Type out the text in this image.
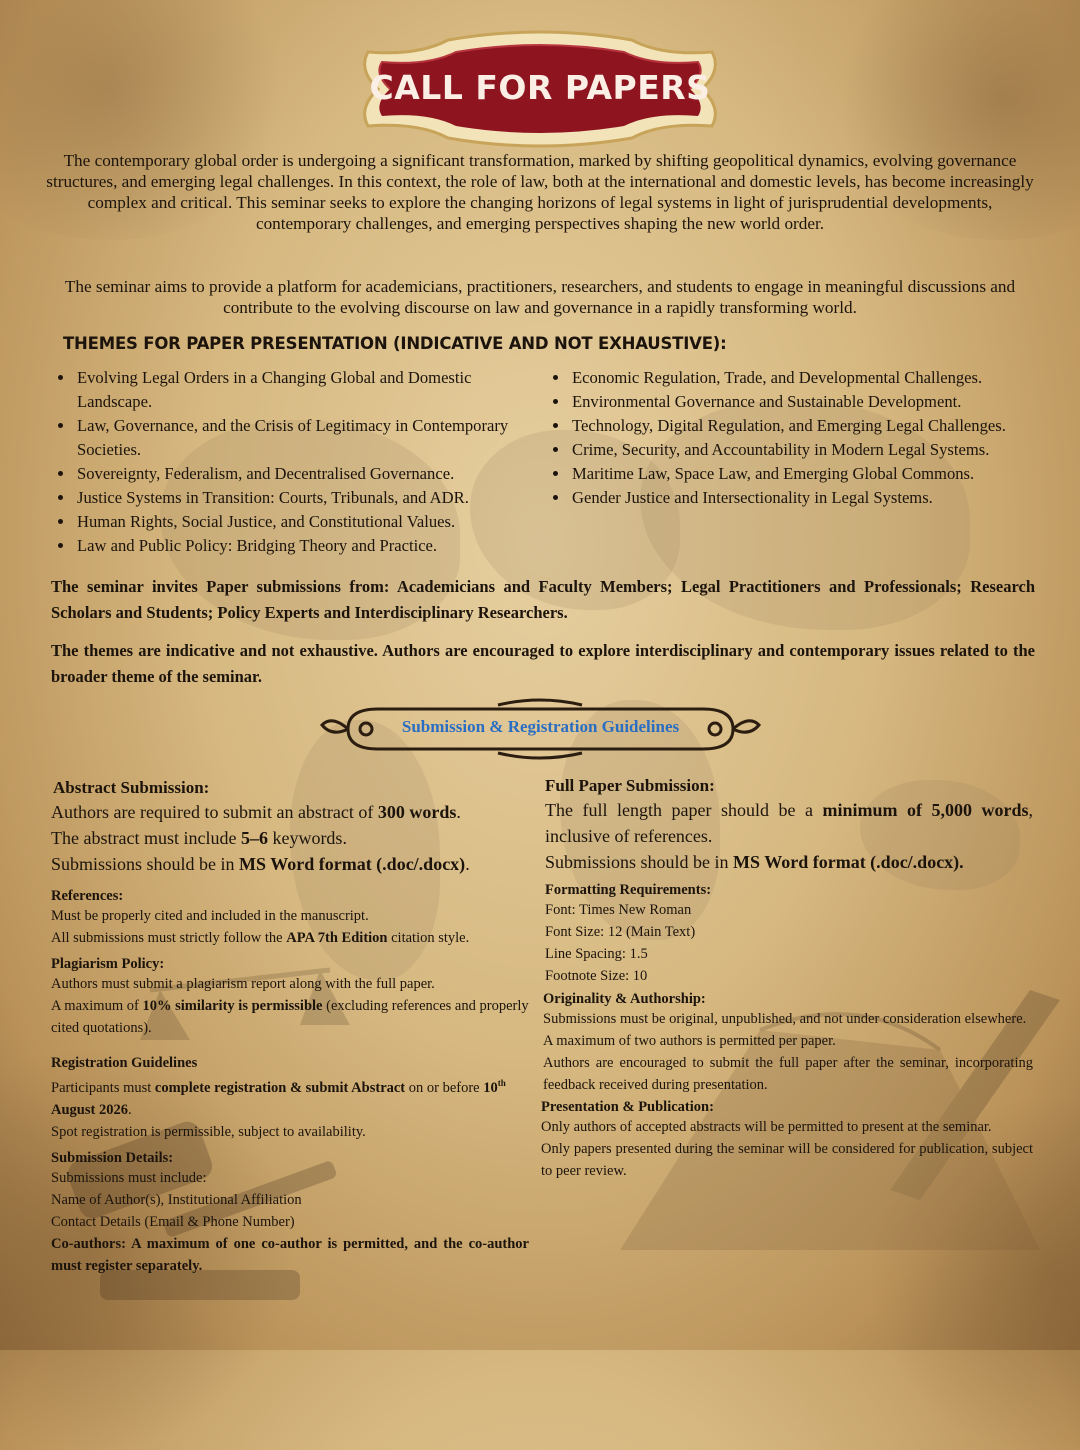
CALL FOR PAPERS
The contemporary global order is undergoing a significant transformation, marked by shifting geopolitical dynamics, evolving governance structures, and emerging legal challenges. In this context, the role of law, both at the international and domestic levels, has become increasingly complex and critical. This seminar seeks to explore the changing horizons of legal systems in light of jurisprudential developments, contemporary challenges, and emerging perspectives shaping the new world order.
The seminar aims to provide a platform for academicians, practitioners, researchers, and students to engage in meaningful discussions and contribute to the evolving discourse on law and governance in a rapidly transforming world.
THEMES FOR PAPER PRESENTATION (INDICATIVE AND NOT EXHAUSTIVE):
• Evolving Legal Orders in a Changing Global and Domestic Landscape.
• Law, Governance, and the Crisis of Legitimacy in Contemporary Societies.
• Sovereignty, Federalism, and Decentralised Governance.
• Justice Systems in Transition: Courts, Tribunals, and ADR.
• Human Rights, Social Justice, and Constitutional Values.
• Law and Public Policy: Bridging Theory and Practice.
• Economic Regulation, Trade, and Developmental Challenges.
• Environmental Governance and Sustainable Development.
• Technology, Digital Regulation, and Emerging Legal Challenges.
• Crime, Security, and Accountability in Modern Legal Systems.
• Maritime Law, Space Law, and Emerging Global Commons.
• Gender Justice and Intersectionality in Legal Systems.
The seminar invites Paper submissions from: Academicians and Faculty Members; Legal Practitioners and Professionals; Research Scholars and Students; Policy Experts and Interdisciplinary Researchers.
The themes are indicative and not exhaustive. Authors are encouraged to explore interdisciplinary and contemporary issues related to the broader theme of the seminar.
Submission & Registration Guidelines

Abstract Submission:

Authors are required to submit an abstract of 300 words.

The abstract must include 5–6 keywords.

Submissions should be in MS Word format (.doc/.docx).

References:

Must be properly cited and included in the manuscript.

All submissions must strictly follow the APA 7th Edition citation style.

Plagiarism Policy:

Authors must submit a plagiarism report along with the full paper.

A maximum of 10% similarity is permissible (excluding references and properly cited quotations).

Registration Guidelines

Participants must complete registration & submit Abstract on or before 10th August 2026.

Spot registration is permissible, subject to availability.

Submission Details:

Submissions must include:

Name of Author(s), Institutional Affiliation

Contact Details (Email & Phone Number)

Co-authors: A maximum of one co-author is permitted, and the co-author must register separately.

Full Paper Submission:

The full length paper should be a minimum of 5,000 words, inclusive of references.

Submissions should be in MS Word format (.doc/.docx).

Formatting Requirements:

Font: Times New Roman

Font Size: 12 (Main Text)

Line Spacing: 1.5

Footnote Size: 10

Originality & Authorship:

Submissions must be original, unpublished, and not under consideration elsewhere.

A maximum of two authors is permitted per paper.

Authors are encouraged to submit the full paper after the seminar, incorporating feedback received during presentation.

Presentation & Publication:

Only authors of accepted abstracts will be permitted to present at the seminar.

Only papers presented during the seminar will be considered for publication, subject to peer review.
